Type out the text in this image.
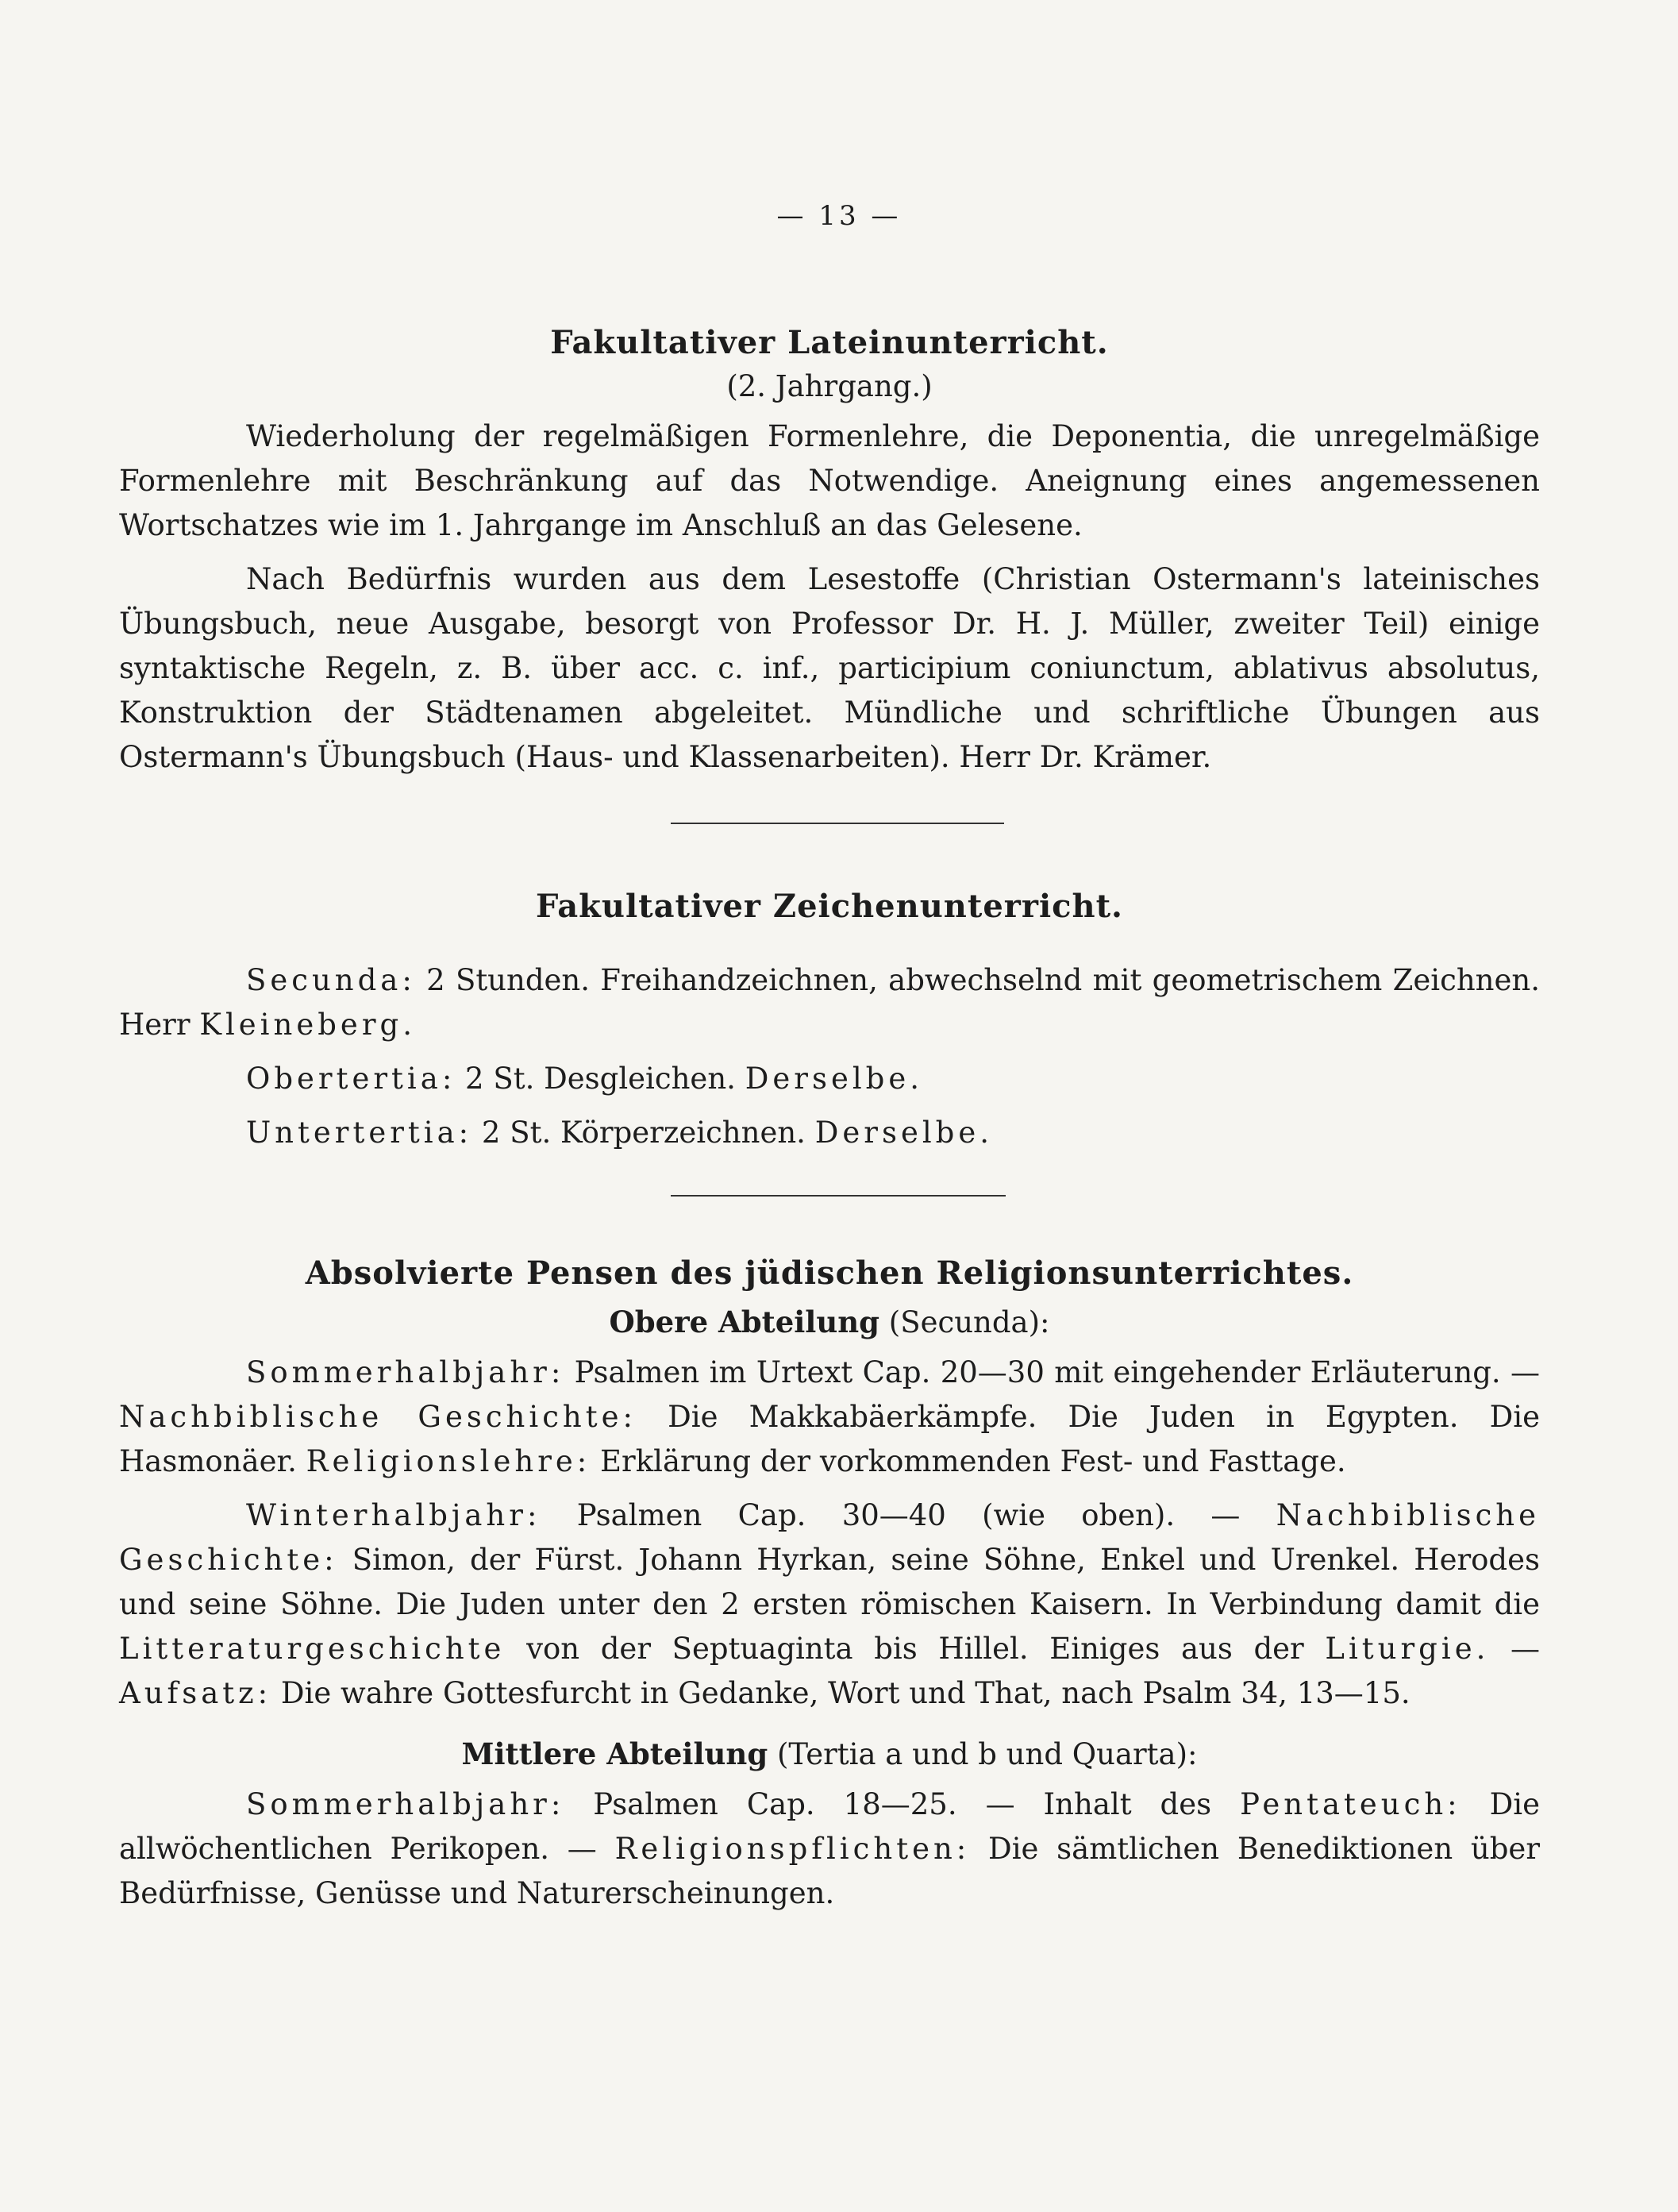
— 13 —
Fakultativer Lateinunterricht.
(2. Jahrgang.)

Wiederholung der regelmäßigen Formenlehre, die Deponentia, die unregelmäßige Formenlehre mit Beschränkung auf das Notwendige. Aneignung eines angemessenen Wortschatzes wie im 1. Jahrgange im Anschluß an das Gelesene.

Nach Bedürfnis wurden aus dem Lesestoffe (Christian Ostermann's lateinisches Übungsbuch, neue Ausgabe, besorgt von Professor Dr. H. J. Müller, zweiter Teil) einige syntaktische Regeln, z. B. über acc. c. inf., participium coniunctum, ablativus absolutus, Konstruktion der Städtenamen abgeleitet. Mündliche und schriftliche Übungen aus Ostermann's Übungsbuch (Haus- und Klassenarbeiten). Herr Dr. Krämer.

Fakultativer Zeichenunterricht.

Secunda: 2 Stunden. Freihandzeichnen, abwechselnd mit geometrischem Zeichnen. Herr Kleineberg.

Obertertia: 2 St. Desgleichen. Derselbe.

Untertertia: 2 St. Körperzeichnen. Derselbe.

Absolvierte Pensen des jüdischen Religionsunterrichtes.
Obere Abteilung (Secunda):

Sommerhalbjahr: Psalmen im Urtext Cap. 20—30 mit eingehender Erläuterung. — Nachbiblische Geschichte: Die Makkabäerkämpfe. Die Juden in Egypten. Die Hasmonäer. Religionslehre: Erklärung der vorkommenden Fest- und Fasttage.

Winterhalbjahr: Psalmen Cap. 30—40 (wie oben). — Nachbiblische Geschichte: Simon, der Fürst. Johann Hyrkan, seine Söhne, Enkel und Urenkel. Herodes und seine Söhne. Die Juden unter den 2 ersten römischen Kaisern. In Verbindung damit die Litteraturgeschichte von der Septuaginta bis Hillel. Einiges aus der Liturgie. — Aufsatz: Die wahre Gottesfurcht in Gedanke, Wort und That, nach Psalm 34, 13—15.

Mittlere Abteilung (Tertia a und b und Quarta):

Sommerhalbjahr: Psalmen Cap. 18—25. — Inhalt des Pentateuch: Die allwöchentlichen Perikopen. — Religionspflichten: Die sämtlichen Benediktionen über Bedürfnisse, Genüsse und Naturerscheinungen.
